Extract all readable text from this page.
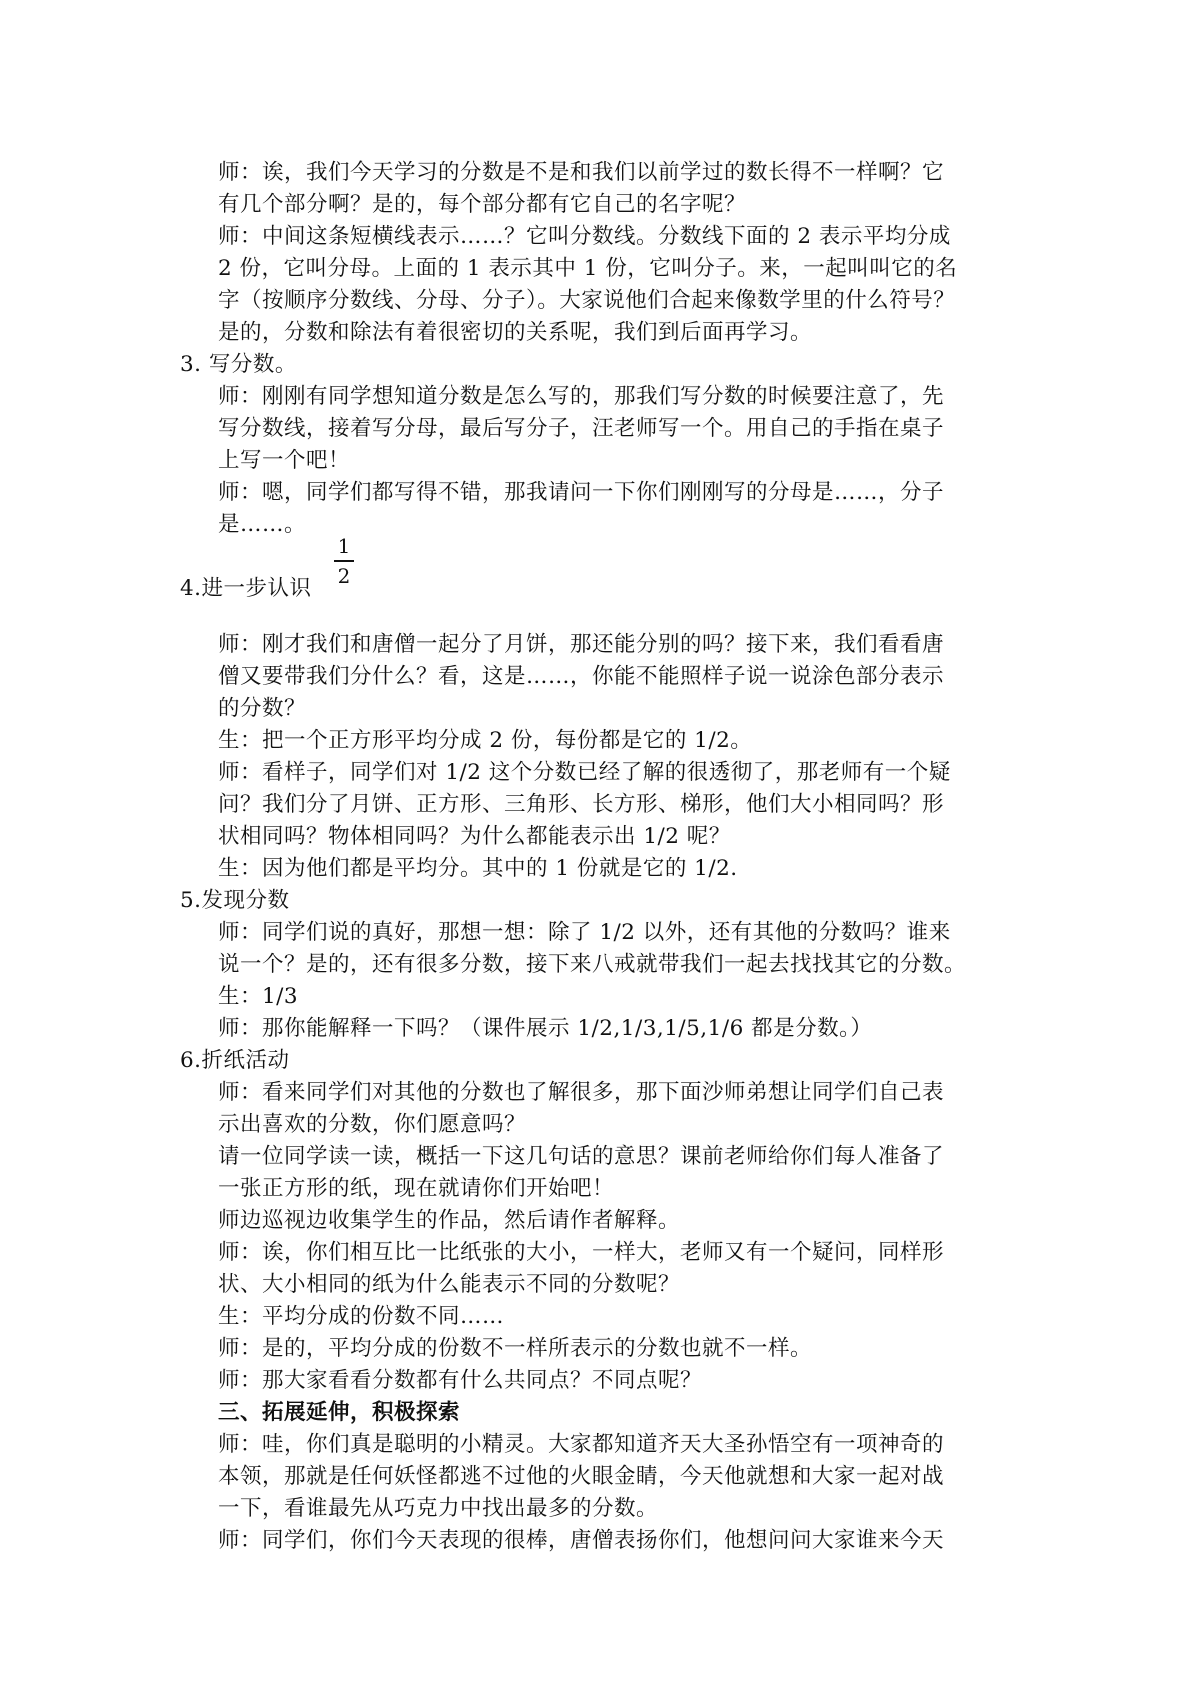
师：诶，我们今天学习的分数是不是和我们以前学过的数长得不一样啊？它
有几个部分啊？是的，每个部分都有它自己的名字呢？
师：中间这条短横线表示……？它叫分数线。分数线下面的 2 表示平均分成
2 份，它叫分母。上面的 1 表示其中 1 份，它叫分子。来，一起叫叫它的名
字（按顺序分数线、分母、分子）。大家说他们合起来像数学里的什么符号？
是的，分数和除法有着很密切的关系呢，我们到后面再学习。
3. 写分数。
师：刚刚有同学想知道分数是怎么写的，那我们写分数的时候要注意了，先
写分数线，接着写分母，最后写分子，汪老师写一个。用自己的手指在桌子
上写一个吧！
师：嗯，同学们都写得不错，那我请问一下你们刚刚写的分母是……，分子
是……。
4.进一步认识
1
2
师：刚才我们和唐僧一起分了月饼，那还能分别的吗？接下来，我们看看唐
僧又要带我们分什么？看，这是……，你能不能照样子说一说涂色部分表示
的分数？
生：把一个正方形平均分成 2 份，每份都是它的 1/2。
师：看样子，同学们对 1/2 这个分数已经了解的很透彻了，那老师有一个疑
问？我们分了月饼、正方形、三角形、长方形、梯形，他们大小相同吗？形
状相同吗？物体相同吗？为什么都能表示出 1/2 呢？
生：因为他们都是平均分。其中的 1 份就是它的 1/2.
5.发现分数
师：同学们说的真好，那想一想：除了 1/2 以外，还有其他的分数吗？谁来
说一个？是的，还有很多分数，接下来八戒就带我们一起去找找其它的分数。
生：1/3
师：那你能解释一下吗？（课件展示 1/2,1/3,1/5,1/6 都是分数。）
6.折纸活动
师：看来同学们对其他的分数也了解很多，那下面沙师弟想让同学们自己表
示出喜欢的分数，你们愿意吗？
请一位同学读一读，概括一下这几句话的意思？课前老师给你们每人准备了
一张正方形的纸，现在就请你们开始吧！
师边巡视边收集学生的作品，然后请作者解释。
师：诶，你们相互比一比纸张的大小，一样大，老师又有一个疑问，同样形
状、大小相同的纸为什么能表示不同的分数呢？
生：平均分成的份数不同……
师：是的，平均分成的份数不一样所表示的分数也就不一样。
师：那大家看看分数都有什么共同点？不同点呢？
三、拓展延伸，积极探索
师：哇，你们真是聪明的小精灵。大家都知道齐天大圣孙悟空有一项神奇的
本领，那就是任何妖怪都逃不过他的火眼金睛，今天他就想和大家一起对战
一下，看谁最先从巧克力中找出最多的分数。
师：同学们，你们今天表现的很棒，唐僧表扬你们，他想问问大家谁来今天
